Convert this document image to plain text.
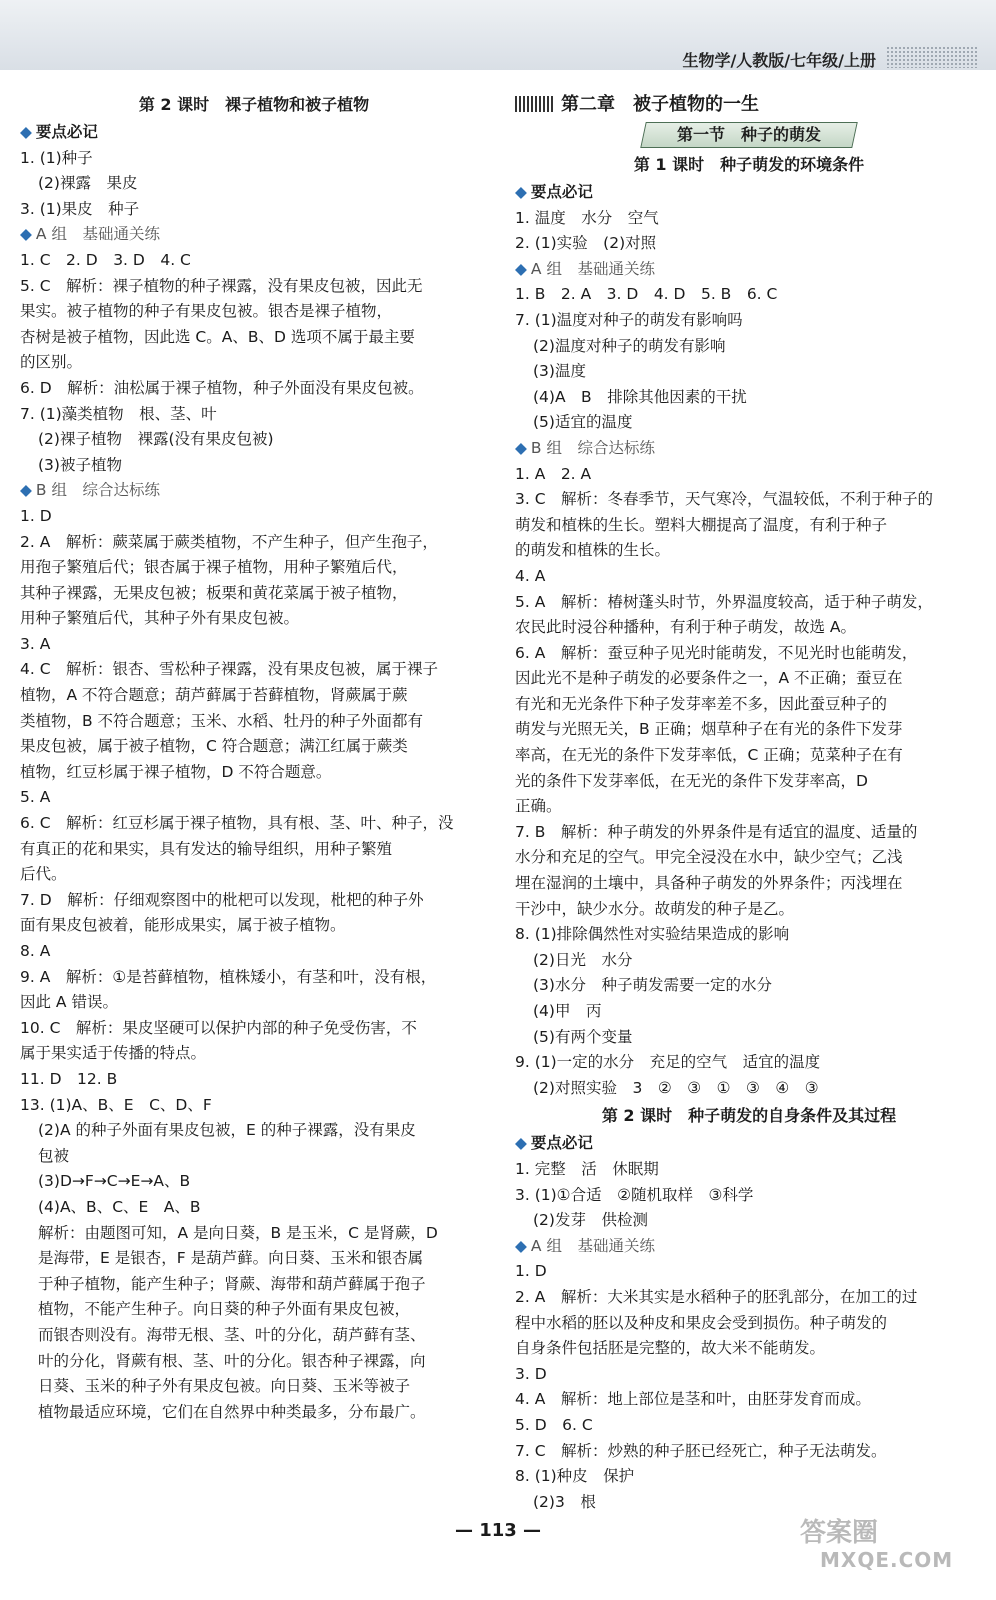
生物学/人教版/七年级/上册
第 2 课时　裸子植物和被子植物
◆ 要点必记
1. (1)种子
(2)裸露　果皮
3. (1)果皮　种子
◆ A 组　基础通关练
1. C　2. D　3. D　4. C
5. C　解析：裸子植物的种子裸露，没有果皮包被，因此无
果实。被子植物的种子有果皮包被。银杏是裸子植物，
杏树是被子植物，因此选 C。A、B、D 选项不属于最主要
的区别。
6. D　解析：油松属于裸子植物，种子外面没有果皮包被。
7. (1)藻类植物　根、茎、叶
(2)裸子植物　裸露(没有果皮包被)
(3)被子植物
◆ B 组　综合达标练
1. D
2. A　解析：蕨菜属于蕨类植物，不产生种子，但产生孢子，
用孢子繁殖后代；银杏属于裸子植物，用种子繁殖后代，
其种子裸露，无果皮包被；板栗和黄花菜属于被子植物，
用种子繁殖后代，其种子外有果皮包被。
3. A
4. C　解析：银杏、雪松种子裸露，没有果皮包被，属于裸子
植物，A 不符合题意；葫芦藓属于苔藓植物，肾蕨属于蕨
类植物，B 不符合题意；玉米、水稻、牡丹的种子外面都有
果皮包被，属于被子植物，C 符合题意；满江红属于蕨类
植物，红豆杉属于裸子植物，D 不符合题意。
5. A
6. C　解析：红豆杉属于裸子植物，具有根、茎、叶、种子，没
有真正的花和果实，具有发达的输导组织，用种子繁殖
后代。
7. D　解析：仔细观察图中的枇杷可以发现，枇杷的种子外
面有果皮包被着，能形成果实，属于被子植物。
8. A
9. A　解析：①是苔藓植物，植株矮小，有茎和叶，没有根，
因此 A 错误。
10. C　解析：果皮坚硬可以保护内部的种子免受伤害，不
属于果实适于传播的特点。
11. D　12. B
13. (1)A、B、E　C、D、F
(2)A 的种子外面有果皮包被，E 的种子裸露，没有果皮
包被
(3)D→F→C→E→A、B
(4)A、B、C、E　A、B
解析：由题图可知，A 是向日葵，B 是玉米，C 是肾蕨，D
是海带，E 是银杏，F 是葫芦藓。向日葵、玉米和银杏属
于种子植物，能产生种子；肾蕨、海带和葫芦藓属于孢子
植物，不能产生种子。向日葵的种子外面有果皮包被，
而银杏则没有。海带无根、茎、叶的分化，葫芦藓有茎、
叶的分化，肾蕨有根、茎、叶的分化。银杏种子裸露，向
日葵、玉米的种子外有果皮包被。向日葵、玉米等被子
植物最适应环境，它们在自然界中种类最多，分布最广。
第二章　被子植物的一生
第一节　种子的萌发
第 1 课时　种子萌发的环境条件
◆ 要点必记
1. 温度　水分　空气
2. (1)实验　(2)对照
◆ A 组　基础通关练
1. B　2. A　3. D　4. D　5. B　6. C
7. (1)温度对种子的萌发有影响吗
(2)温度对种子的萌发有影响
(3)温度
(4)A　B　排除其他因素的干扰
(5)适宜的温度
◆ B 组　综合达标练
1. A　2. A
3. C　解析：冬春季节，天气寒冷，气温较低，不利于种子的
萌发和植株的生长。塑料大棚提高了温度，有利于种子
的萌发和植株的生长。
4. A
5. A　解析：椿树蓬头时节，外界温度较高，适于种子萌发，
农民此时浸谷种播种，有利于种子萌发，故选 A。
6. A　解析：蚕豆种子见光时能萌发，不见光时也能萌发，
因此光不是种子萌发的必要条件之一，A 不正确；蚕豆在
有光和无光条件下种子发芽率差不多，因此蚕豆种子的
萌发与光照无关，B 正确；烟草种子在有光的条件下发芽
率高，在无光的条件下发芽率低，C 正确；苋菜种子在有
光的条件下发芽率低，在无光的条件下发芽率高，D
正确。
7. B　解析：种子萌发的外界条件是有适宜的温度、适量的
水分和充足的空气。甲完全浸没在水中，缺少空气；乙浅
埋在湿润的土壤中，具备种子萌发的外界条件；丙浅埋在
干沙中，缺少水分。故萌发的种子是乙。
8. (1)排除偶然性对实验结果造成的影响
(2)日光　水分
(3)水分　种子萌发需要一定的水分
(4)甲　丙
(5)有两个变量
9. (1)一定的水分　充足的空气　适宜的温度
(2)对照实验　3　②　③　①　③　④　③
第 2 课时　种子萌发的自身条件及其过程
◆ 要点必记
1. 完整　活　休眠期
3. (1)①合适　②随机取样　③科学
(2)发芽　供检测
◆ A 组　基础通关练
1. D
2. A　解析：大米其实是水稻种子的胚乳部分，在加工的过
程中水稻的胚以及种皮和果皮会受到损伤。种子萌发的
自身条件包括胚是完整的，故大米不能萌发。
3. D
4. A　解析：地上部位是茎和叶，由胚芽发育而成。
5. D　6. C
7. C　解析：炒熟的种子胚已经死亡，种子无法萌发。
8. (1)种皮　保护
(2)3　根
— 113 —	答案圈
MXQE.COM
